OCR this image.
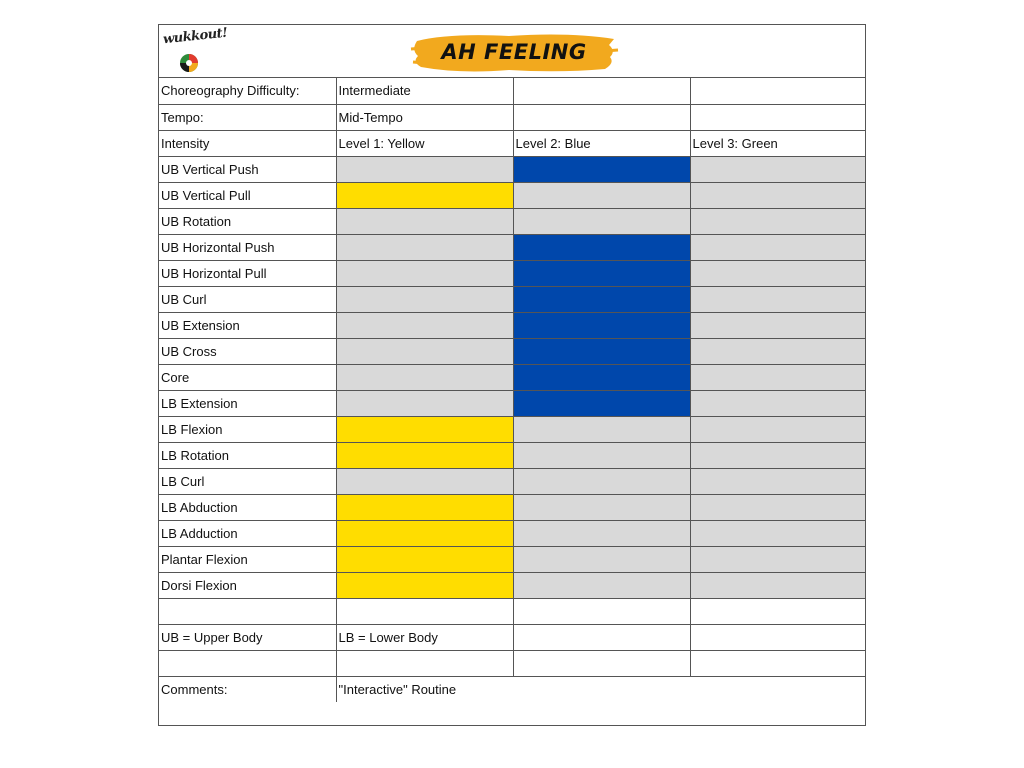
wukkout!
AH FEELING
Choreography Difficulty:	Intermediate		
Tempo:	Mid-Tempo		
Intensity	Level 1: Yellow	Level 2: Blue	Level 3: Green
UB Vertical Push			
UB Vertical Pull			
UB Rotation			
UB Horizontal Push			
UB Horizontal Pull			
UB Curl			
UB Extension			
UB Cross			
Core			
LB Extension			
LB Flexion			
LB Rotation			
LB Curl			
LB Abduction			
LB Adduction			
Plantar Flexion			
Dorsi Flexion			

UB = Upper Body	LB = Lower Body		

Comments:	"Interactive" Routine		
